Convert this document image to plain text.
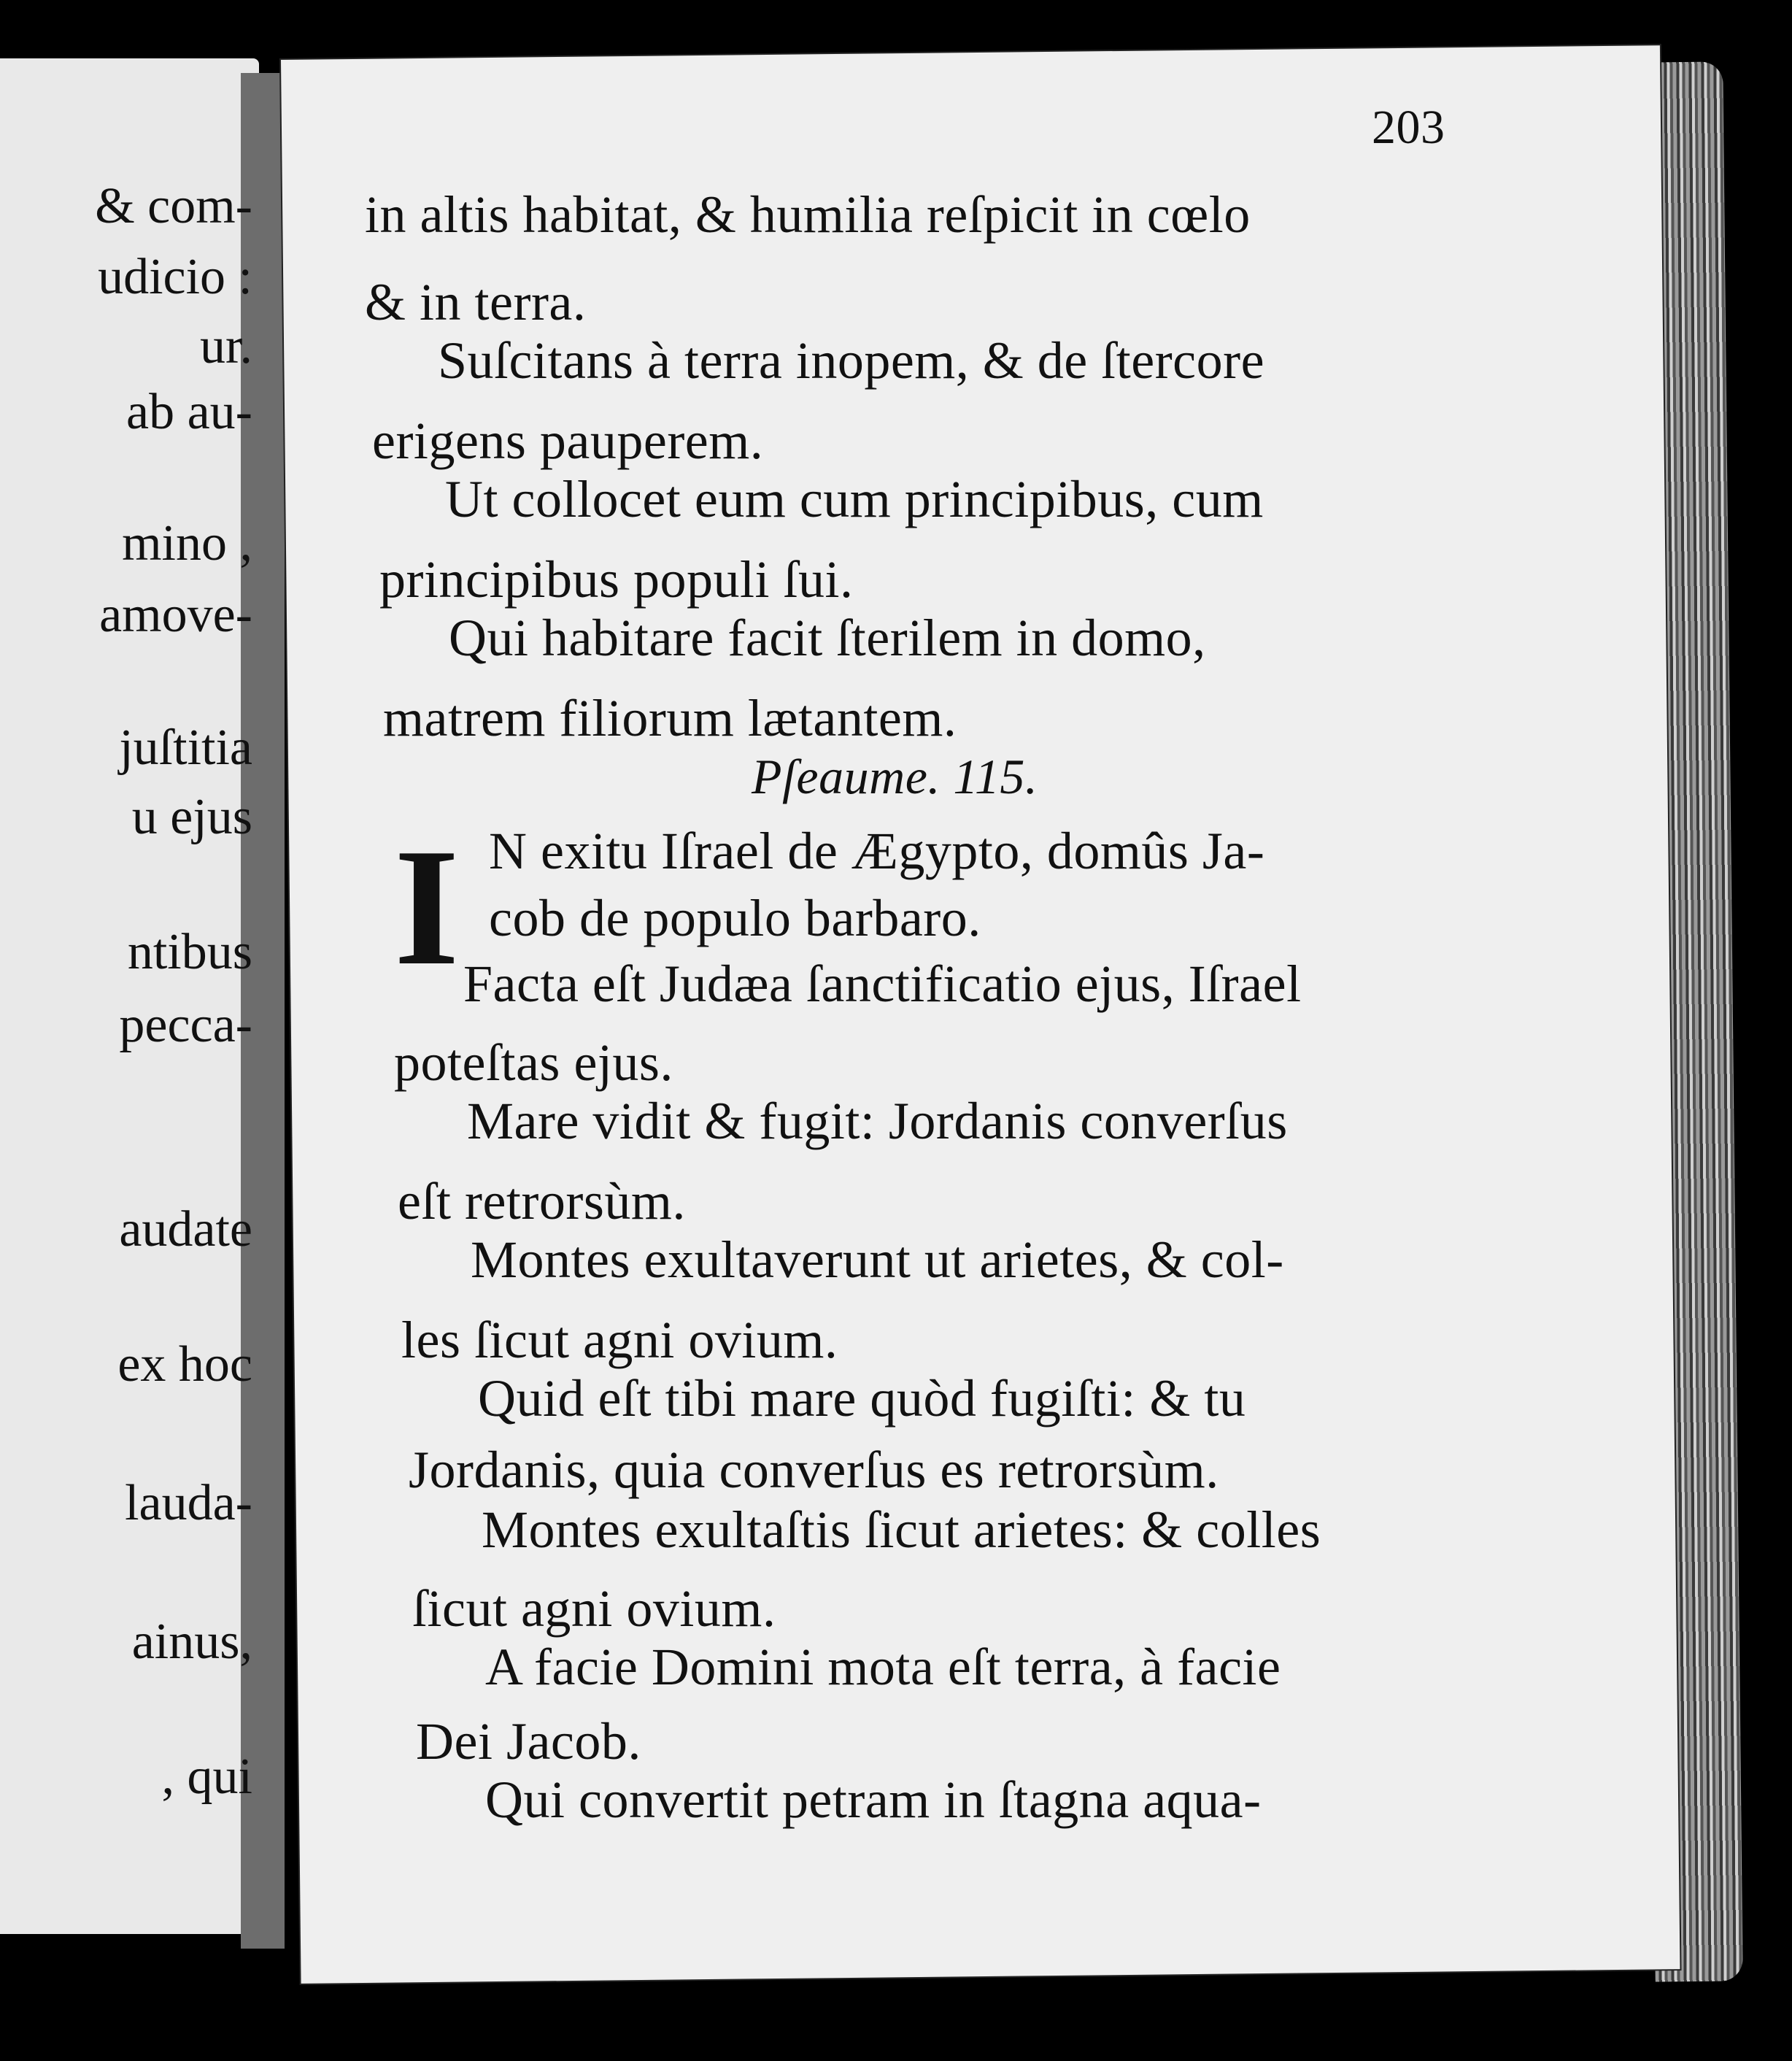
& com-
udicio :
ur.
ab au-
mino ,
amove-
juſtitia
u ejus
ntibus
pecca-
audate
ex hoc
lauda-
ainus,
, qui
203
in altis habitat, & humilia reſpicit in cœlo
& in terra.
Suſcitans à terra inopem, & de ſtercore
erigens pauperem.
Ut collocet eum cum principibus, cum
principibus populi ſui.
Qui habitare facit ſterilem in domo,
matrem filiorum lætantem.
Pſeaume. 115.
I N exitu Iſrael de Ægypto, domûs Ja-
cob de populo barbaro.
Facta eſt Judæa ſanctificatio ejus, Iſrael
poteſtas ejus.
Mare vidit & fugit: Jordanis converſus
eſt retrorsùm.
Montes exultaverunt ut arietes, & col-
les ſicut agni ovium.
Quid eſt tibi mare quòd fugiſti: & tu
Jordanis, quia converſus es retrorsùm.
Montes exultaſtis ſicut arietes: & colles
ſicut agni ovium.
A facie Domini mota eſt terra, à facie
Dei Jacob.
Qui convertit petram in ſtagna aqua-
